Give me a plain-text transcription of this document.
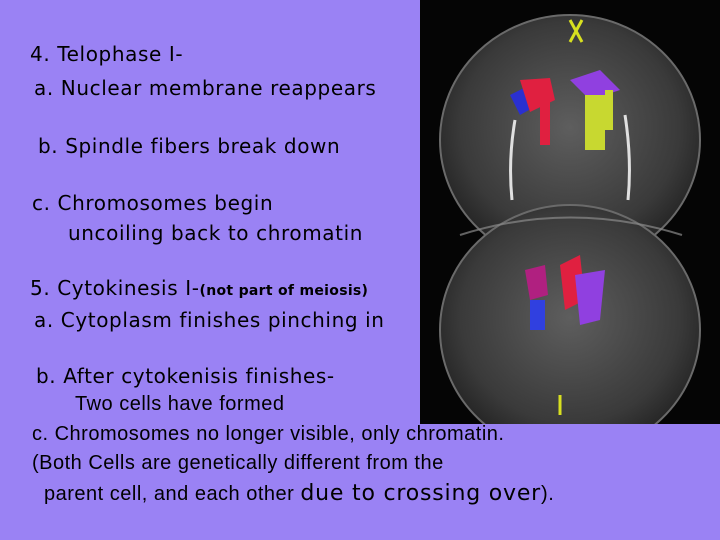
4. Telophase I-
a. Nuclear membrane reappears
b. Spindle fibers break down
c. Chromosomes begin
uncoiling back to chromatin
5. Cytokinesis I-(not part of meiosis)
a. Cytoplasm finishes pinching in
b. After cytokenisis finishes-
Two cells have formed
c. Chromosomes no longer visible, only chromatin.
(Both Cells are genetically different from the
parent cell, and each other due to crossing over).
